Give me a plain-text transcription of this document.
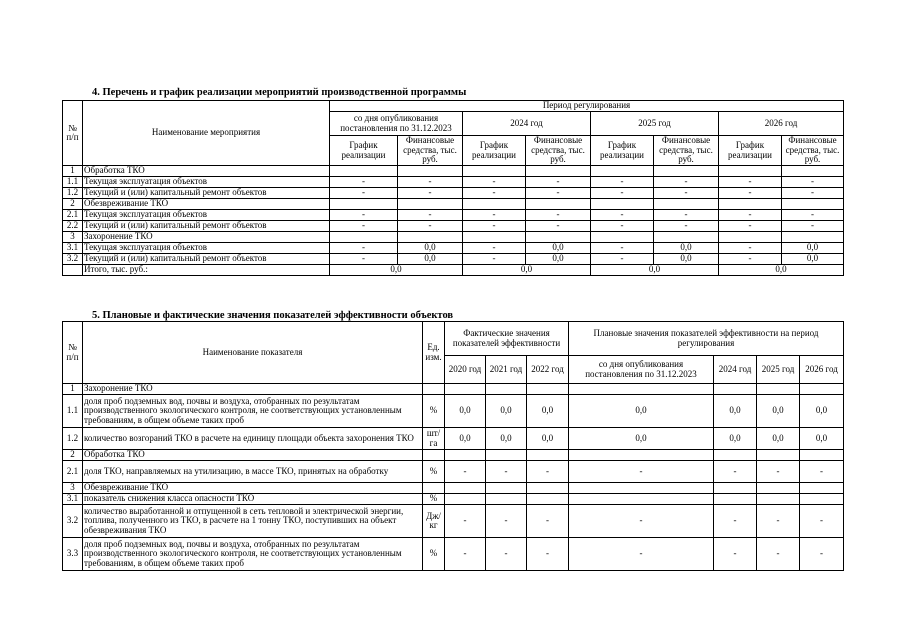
4. Перечень и график реализации мероприятий производственной программы
№ п/п	Наименование мероприятия	Период регулирования							
		со дня опубликования постановления по 31.12.2023		2024 год		2025 год		2026 год	
		График реализации	Финансовые средства, тыс. руб.	График реализации	Финансовые средства, тыс. руб.	График реализации	Финансовые средства, тыс. руб.	График реализации	Финансовые средства, тыс. руб.
1	Обработка ТКО								
1.1	Текущая эксплуатация объектов	-	-	-	-	-	-	-	-
1.2	Текущий и (или) капитальный ремонт объектов	-	-	-	-	-	-	-	-
2	Обезвреживание ТКО								
2.1	Текущая эксплуатация объектов	-	-	-	-	-	-	-	-
2.2	Текущий и (или) капитальный ремонт объектов	-	-	-	-	-	-	-	-
3	Захоронение ТКО								
3.1	Текущая эксплуатация объектов	-	0,0	-	0,0	-	0,0	-	0,0
3.2	Текущий и (или) капитальный ремонт объектов	-	0,0	-	0,0	-	0,0	-	0,0
	Итого, тыс. руб.:	0,0		0,0		0,0		0,0	
5. Плановые и фактические значения показателей эффективности объектов
№ п/п	Наименование показателя	Ед. изм.	Фактические значения показателей эффективности			Плановые значения показателей эффективности на период регулирования			
			2020 год	2021 год	2022 год	со дня опубликования постановления по 31.12.2023	2024 год	2025 год	2026 год
1	Захоронение ТКО								
1.1	доля проб подземных вод, почвы и воздуха, отобранных по результатам производственного экологического контроля, не соответствующих установленным требованиям, в общем объеме таких проб	%	0,0	0,0	0,0	0,0	0,0	0,0	0,0
1.2	количество возгораний ТКО в расчете на единицу площади объекта захоронения ТКО	шт/га	0,0	0,0	0,0	0,0	0,0	0,0	0,0
2	Обработка ТКО								
2.1	доля ТКО, направляемых на утилизацию, в массе ТКО, принятых на обработку	%	-	-	-	-	-	-	-
3	Обезвреживание ТКО								
3.1	показатель снижения класса опасности ТКО	%							
3.2	количество выработанной и отпущенной в сеть тепловой и электрической энергии, топлива, полученного из ТКО, в расчете на 1 тонну ТКО, поступивших на объект обезвреживания ТКО	Дж/кг	-	-	-	-	-	-	-
3.3	доля проб подземных вод, почвы и воздуха, отобранных по результатам производственного экологического контроля, не соответствующих установленным требованиям, в общем объеме таких проб	%	-	-	-	-	-	-	-
